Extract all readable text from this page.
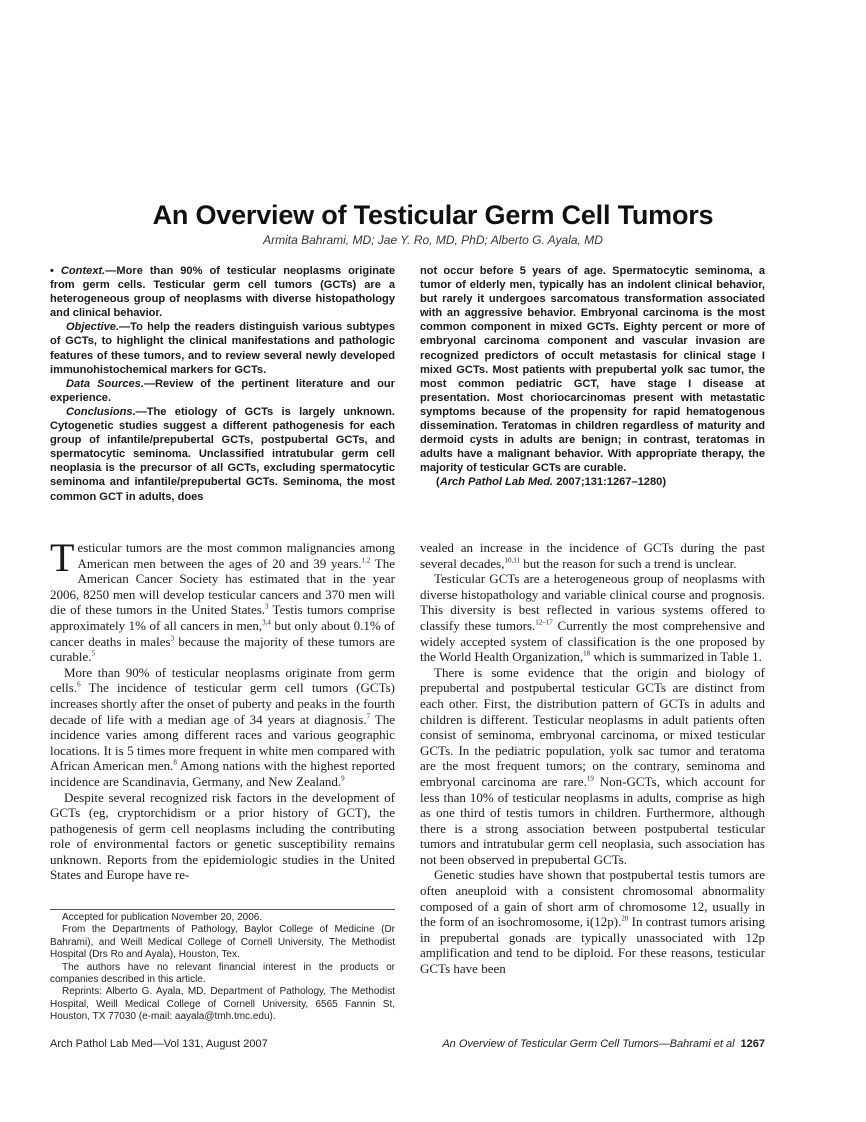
An Overview of Testicular Germ Cell Tumors
Armita Bahrami, MD; Jae Y. Ro, MD, PhD; Alberto G. Ayala, MD

• Context.—More than 90% of testicular neoplasms originate from germ cells. Testicular germ cell tumors (GCTs) are a heterogeneous group of neoplasms with diverse histopathology and clinical behavior.

Objective.—To help the readers distinguish various subtypes of GCTs, to highlight the clinical manifestations and pathologic features of these tumors, and to review several newly developed immunohistochemical markers for GCTs.

Data Sources.—Review of the pertinent literature and our experience.

Conclusions.—The etiology of GCTs is largely unknown. Cytogenetic studies suggest a different pathogenesis for each group of infantile/prepubertal GCTs, postpubertal GCTs, and spermatocytic seminoma. Unclassified intratubular germ cell neoplasia is the precursor of all GCTs, excluding spermatocytic seminoma and infantile/prepubertal GCTs. Seminoma, the most common GCT in adults, does

not occur before 5 years of age. Spermatocytic seminoma, a tumor of elderly men, typically has an indolent clinical behavior, but rarely it undergoes sarcomatous transformation associated with an aggressive behavior. Embryonal carcinoma is the most common component in mixed GCTs. Eighty percent or more of embryonal carcinoma component and vascular invasion are recognized predictors of occult metastasis for clinical stage I mixed GCTs. Most patients with prepubertal yolk sac tumor, the most common pediatric GCT, have stage I disease at presentation. Most choriocarcinomas present with metastatic symptoms because of the propensity for rapid hematogenous dissemination. Teratomas in children regardless of maturity and dermoid cysts in adults are benign; in contrast, teratomas in adults have a malignant behavior. With appropriate therapy, the majority of testicular GCTs are curable.

(Arch Pathol Lab Med. 2007;131:1267–1280)

Testicular tumors are the most common malignancies among American men between the ages of 20 and 39 years.$^{1,2}$ The American Cancer Society has estimated that in the year 2006, 8250 men will develop testicular cancers and 370 men will die of these tumors in the United States.$^3$ Testis tumors comprise approximately 1% of all cancers in men,$^{3,4}$ but only about 0.1% of cancer deaths in males$^3$ because the majority of these tumors are curable.$^5$

More than 90% of testicular neoplasms originate from germ cells.$^6$ The incidence of testicular germ cell tumors (GCTs) increases shortly after the onset of puberty and peaks in the fourth decade of life with a median age of 34 years at diagnosis.$^7$ The incidence varies among different races and various geographic locations. It is 5 times more frequent in white men compared with African American men.$^8$ Among nations with the highest reported incidence are Scandinavia, Germany, and New Zealand.$^9$

Despite several recognized risk factors in the development of GCTs (eg, cryptorchidism or a prior history of GCT), the pathogenesis of germ cell neoplasms including the contributing role of environmental factors or genetic susceptibility remains unknown. Reports from the epidemiologic studies in the United States and Europe have re-

vealed an increase in the incidence of GCTs during the past several decades,$^{10,11}$ but the reason for such a trend is unclear.

Testicular GCTs are a heterogeneous group of neoplasms with diverse histopathology and variable clinical course and prognosis. This diversity is best reflected in various systems offered to classify these tumors.$^{12-17}$ Currently the most comprehensive and widely accepted system of classification is the one proposed by the World Health Organization,$^{18}$ which is summarized in Table 1.

There is some evidence that the origin and biology of prepubertal and postpubertal testicular GCTs are distinct from each other. First, the distribution pattern of GCTs in adults and children is different. Testicular neoplasms in adult patients often consist of seminoma, embryonal carcinoma, or mixed testicular GCTs. In the pediatric population, yolk sac tumor and teratoma are the most frequent tumors; on the contrary, seminoma and embryonal carcinoma are rare.$^{19}$ Non-GCTs, which account for less than 10% of testicular neoplasms in adults, comprise as high as one third of testis tumors in children. Furthermore, although there is a strong association between postpubertal testicular tumors and intratubular germ cell neoplasia, such association has not been observed in prepubertal GCTs.

Genetic studies have shown that postpubertal testis tumors are often aneuploid with a consistent chromosomal abnormality composed of a gain of short arm of chromosome 12, usually in the form of an isochromosome, i(12p).$^{20}$ In contrast tumors arising in prepubertal gonads are typically unassociated with 12p amplification and tend to be diploid. For these reasons, testicular GCTs have been

Accepted for publication November 20, 2006.

From the Departments of Pathology, Baylor College of Medicine (Dr Bahrami), and Weill Medical College of Cornell University, The Methodist Hospital (Drs Ro and Ayala), Houston, Tex.

The authors have no relevant financial interest in the products or companies described in this article.

Reprints: Alberto G. Ayala, MD, Department of Pathology, The Methodist Hospital, Weill Medical College of Cornell University, 6565 Fannin St, Houston, TX 77030 (e-mail: aayala@tmh.tmc.edu).

Arch Pathol Lab Med—Vol 131, August 2007	An Overview of Testicular Germ Cell Tumors—Bahrami et al 1267
